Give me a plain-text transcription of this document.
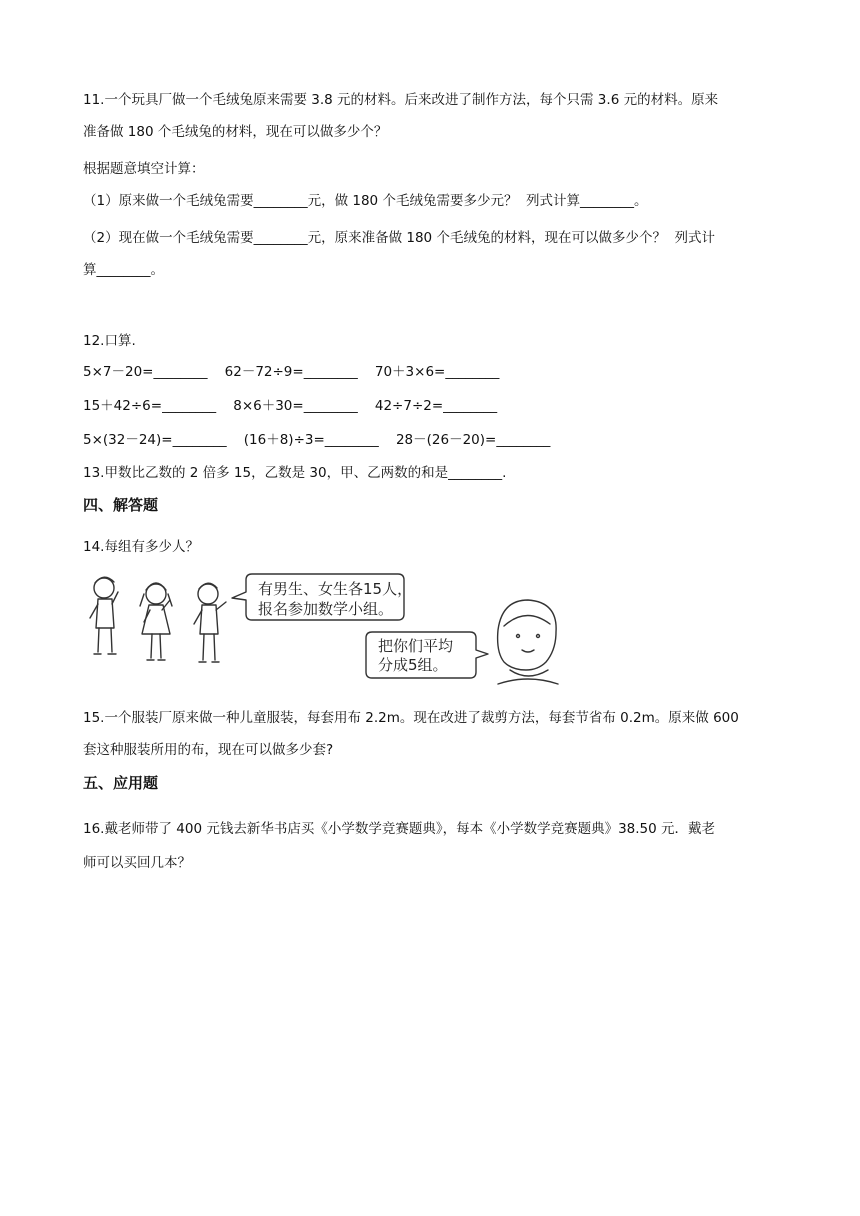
11.一个玩具厂做一个毛绒兔原来需要 3.8 元的材料。后来改进了制作方法，每个只需 3.6 元的材料。原来
准备做 180 个毛绒兔的材料，现在可以做多少个？
根据题意填空计算：
（1）原来做一个毛绒兔需要________元，做 180 个毛绒兔需要多少元？  列式计算________。
（2）现在做一个毛绒兔需要________元，原来准备做 180 个毛绒兔的材料，现在可以做多少个？  列式计
算________。
12.口算.
5×7－20=________    62－72÷9=________    70＋3×6=________
15＋42÷6=________    8×6＋30=________    42÷7÷2=________
5×(32－24)=________    (16＋8)÷3=________    28－(26－20)=________
13.甲数比乙数的 2 倍多 15，乙数是 30，甲、乙两数的和是________.
四、解答题
14.每组有多少人？
有男生、女生各15人，
报名参加数学小组。
把你们平均
分成5组。
15.一个服装厂原来做一种儿童服装，每套用布 2.2m。现在改进了裁剪方法，每套节省布 0.2m。原来做 600
套这种服装所用的布，现在可以做多少套?
五、应用题
16.戴老师带了 400 元钱去新华书店买《小学数学竞赛题典》，每本《小学数学竞赛题典》38.50 元．戴老
师可以买回几本？
